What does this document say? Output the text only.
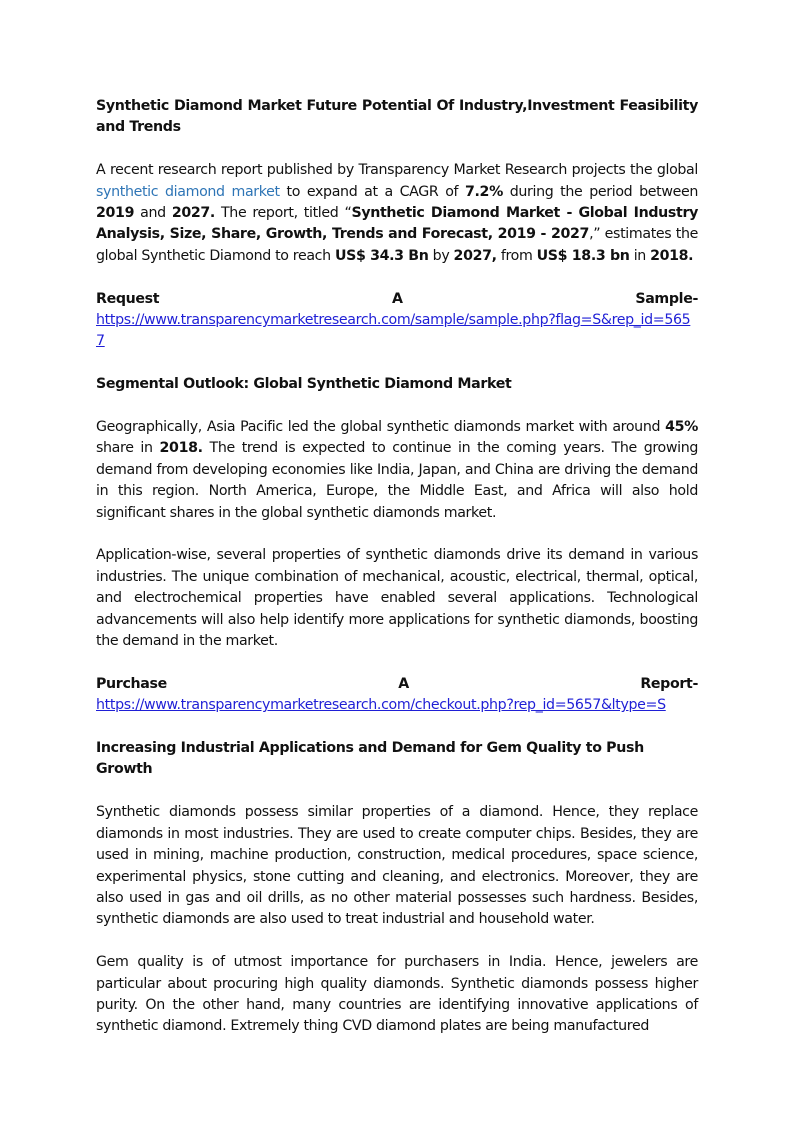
Synthetic Diamond Market Future Potential Of Industry,Investment Feasibility and Trends

A recent research report published by Transparency Market Research projects the global synthetic diamond market to expand at a CAGR of 7.2% during the period between 2019 and 2027. The report, titled “Synthetic Diamond Market - Global Industry Analysis, Size, Share, Growth, Trends and Forecast, 2019 - 2027,” estimates the global Synthetic Diamond to reach US$ 34.3 Bn by 2027, from US$ 18.3 bn in 2018.

Request	A	Sample-
https://www.transparencymarketresearch.com/sample/sample.php?flag=S&rep_id=5657

Segmental Outlook: Global Synthetic Diamond Market

Geographically, Asia Pacific led the global synthetic diamonds market with around 45% share in 2018. The trend is expected to continue in the coming years. The growing demand from developing economies like India, Japan, and China are driving the demand in this region. North America, Europe, the Middle East, and Africa will also hold significant shares in the global synthetic diamonds market.

Application-wise, several properties of synthetic diamonds drive its demand in various industries. The unique combination of mechanical, acoustic, electrical, thermal, optical, and electrochemical properties have enabled several applications. Technological advancements will also help identify more applications for synthetic diamonds, boosting the demand in the market.

Purchase	A	Report-
https://www.transparencymarketresearch.com/checkout.php?rep_id=5657&ltype=S

Increasing Industrial Applications and Demand for Gem Quality to Push Growth

Synthetic diamonds possess similar properties of a diamond. Hence, they replace diamonds in most industries. They are used to create computer chips. Besides, they are used in mining, machine production, construction, medical procedures, space science, experimental physics, stone cutting and cleaning, and electronics. Moreover, they are also used in gas and oil drills, as no other material possesses such hardness. Besides, synthetic diamonds are also used to treat industrial and household water.

Gem quality is of utmost importance for purchasers in India. Hence, jewelers are particular about procuring high quality diamonds. Synthetic diamonds possess higher purity. On the other hand, many countries are identifying innovative applications of synthetic diamond. Extremely thing CVD diamond plates are being manufactured
